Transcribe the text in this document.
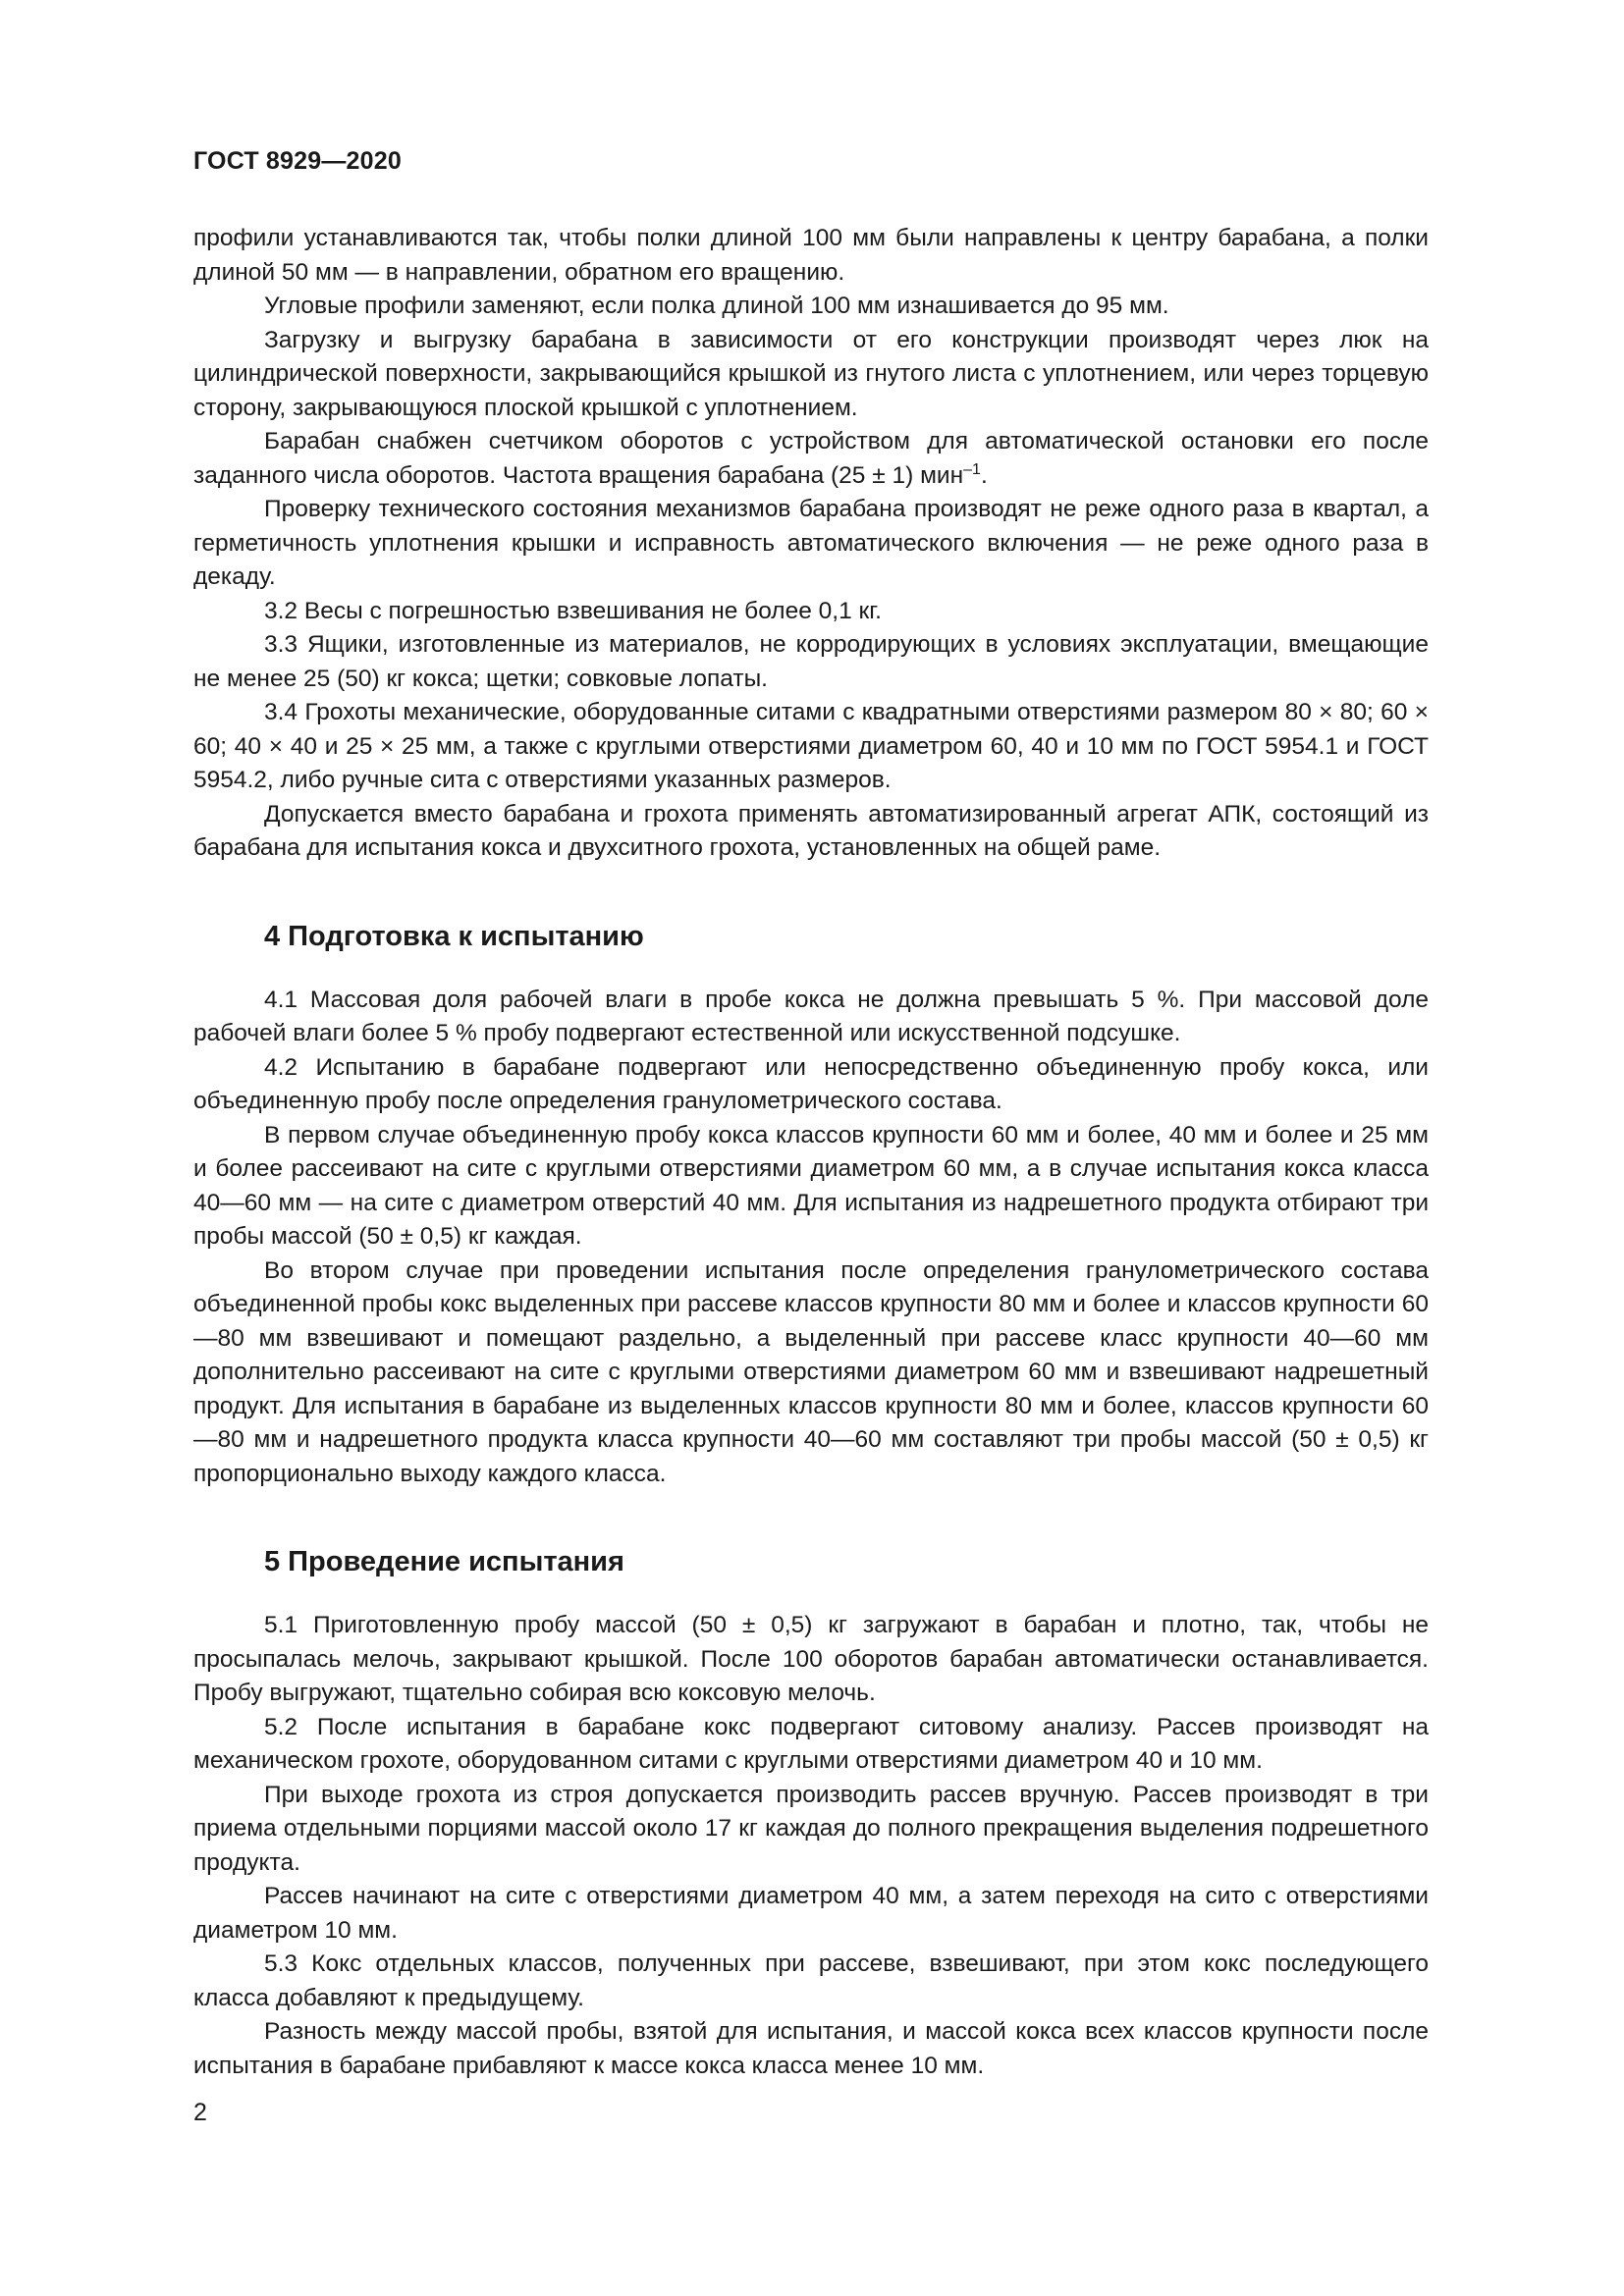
ГОСТ 8929—2020

профили устанавливаются так, чтобы полки длиной 100 мм были направлены к центру барабана, а полки длиной 50 мм — в направлении, обратном его вращению.

Угловые профили заменяют, если полка длиной 100 мм изнашивается до 95 мм.

Загрузку и выгрузку барабана в зависимости от его конструкции производят через люк на цилиндрической поверхности, закрывающийся крышкой из гнутого листа с уплотнением, или через торцевую сторону, закрывающуюся плоской крышкой с уплотнением.

Барабан снабжен счетчиком оборотов с устройством для автоматической остановки его после заданного числа оборотов. Частота вращения барабана (25 ± 1) мин$^{-1}$.

Проверку технического состояния механизмов барабана производят не реже одного раза в квартал, а герметичность уплотнения крышки и исправность автоматического включения — не реже одного раза в декаду.

3.2 Весы с погрешностью взвешивания не более 0,1 кг.

3.3 Ящики, изготовленные из материалов, не корродирующих в условиях эксплуатации, вмещающие не менее 25 (50) кг кокса; щетки; совковые лопаты.

3.4 Грохоты механические, оборудованные ситами с квадратными отверстиями размером 80 × 80; 60 × 60; 40 × 40 и 25 × 25 мм, а также с круглыми отверстиями диаметром 60, 40 и 10 мм по ГОСТ 5954.1 и ГОСТ 5954.2, либо ручные сита с отверстиями указанных размеров.

Допускается вместо барабана и грохота применять автоматизированный агрегат АПК, состоящий из барабана для испытания кокса и двухситного грохота, установленных на общей раме.

4 Подготовка к испытанию

4.1 Массовая доля рабочей влаги в пробе кокса не должна превышать 5 %. При массовой доле рабочей влаги более 5 % пробу подвергают естественной или искусственной подсушке.

4.2 Испытанию в барабане подвергают или непосредственно объединенную пробу кокса, или объединенную пробу после определения гранулометрического состава.

В первом случае объединенную пробу кокса классов крупности 60 мм и более, 40 мм и более и 25 мм и более рассеивают на сите с круглыми отверстиями диаметром 60 мм, а в случае испытания кокса класса 40—60 мм — на сите с диаметром отверстий 40 мм. Для испытания из надрешетного продукта отбирают три пробы массой (50 ± 0,5) кг каждая.

Во втором случае при проведении испытания после определения гранулометрического состава объединенной пробы кокс выделенных при рассеве классов крупности 80 мм и более и классов крупности 60—80 мм взвешивают и помещают раздельно, а выделенный при рассеве класс крупности 40—60 мм дополнительно рассеивают на сите с круглыми отверстиями диаметром 60 мм и взвешивают надрешетный продукт. Для испытания в барабане из выделенных классов крупности 80 мм и более, классов крупности 60—80 мм и надрешетного продукта класса крупности 40—60 мм составляют три пробы массой (50 ± 0,5) кг пропорционально выходу каждого класса.

5 Проведение испытания

5.1 Приготовленную пробу массой (50 ± 0,5) кг загружают в барабан и плотно, так, чтобы не просыпалась мелочь, закрывают крышкой. После 100 оборотов барабан автоматически останавливается. Пробу выгружают, тщательно собирая всю коксовую мелочь.

5.2 После испытания в барабане кокс подвергают ситовому анализу. Рассев производят на механическом грохоте, оборудованном ситами с круглыми отверстиями диаметром 40 и 10 мм.

При выходе грохота из строя допускается производить рассев вручную. Рассев производят в три приема отдельными порциями массой около 17 кг каждая до полного прекращения выделения подрешетного продукта.

Рассев начинают на сите с отверстиями диаметром 40 мм, а затем переходя на сито с отверстиями диаметром 10 мм.

5.3 Кокс отдельных классов, полученных при рассеве, взвешивают, при этом кокс последующего класса добавляют к предыдущему.

Разность между массой пробы, взятой для испытания, и массой кокса всех классов крупности после испытания в барабане прибавляют к массе кокса класса менее 10 мм.

2
